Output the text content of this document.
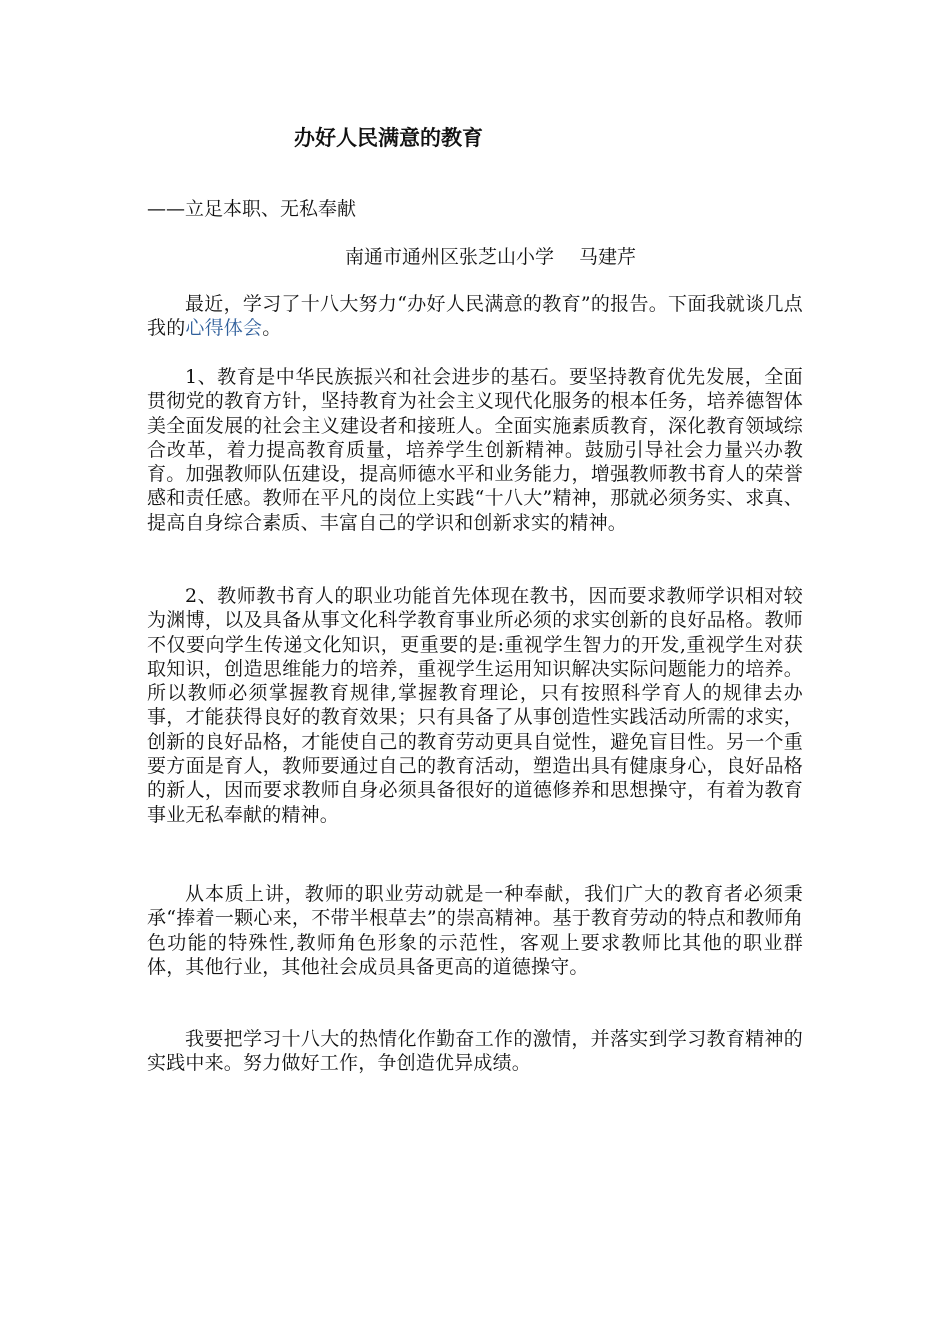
办好人民满意的教育

——立足本职、无私奉献

南通市通州区张芝山小学　 马建芹

最近，学习了十八大努力“办好人民满意的教育”的报告。下面我就谈几点我的心得体会。

1、教育是中华民族振兴和社会进步的基石。要坚持教育优先发展，全面贯彻党的教育方针，坚持教育为社会主义现代化服务的根本任务，培养德智体美全面发展的社会主义建设者和接班人。全面实施素质教育，深化教育领域综合改革，着力提高教育质量，培养学生创新精神。鼓励引导社会力量兴办教育。加强教师队伍建设，提高师德水平和业务能力，增强教师教书育人的荣誉感和责任感。教师在平凡的岗位上实践“十八大”精神，那就必须务实、求真、提高自身综合素质、丰富自己的学识和创新求实的精神。

2、教师教书育人的职业功能首先体现在教书，因而要求教师学识相对较为渊博，以及具备从事文化科学教育事业所必须的求实创新的良好品格。教师不仅要向学生传递文化知识，更重要的是:重视学生智力的开发,重视学生对获取知识，创造思维能力的培养，重视学生运用知识解决实际问题能力的培养。所以教师必须掌握教育规律,掌握教育理论，只有按照科学育人的规律去办事，才能获得良好的教育效果；只有具备了从事创造性实践活动所需的求实，创新的良好品格，才能使自己的教育劳动更具自觉性，避免盲目性。另一个重要方面是育人，教师要通过自己的教育活动，塑造出具有健康身心，良好品格的新人，因而要求教师自身必须具备很好的道德修养和思想操守，有着为教育事业无私奉献的精神。

从本质上讲，教师的职业劳动就是一种奉献，我们广大的教育者必须秉承“捧着一颗心来，不带半根草去”的崇高精神。基于教育劳动的特点和教师角色功能的特殊性,教师角色形象的示范性，客观上要求教师比其他的职业群体，其他行业，其他社会成员具备更高的道德操守。

我要把学习十八大的热情化作勤奋工作的激情，并落实到学习教育精神的实践中来。努力做好工作，争创造优异成绩。
